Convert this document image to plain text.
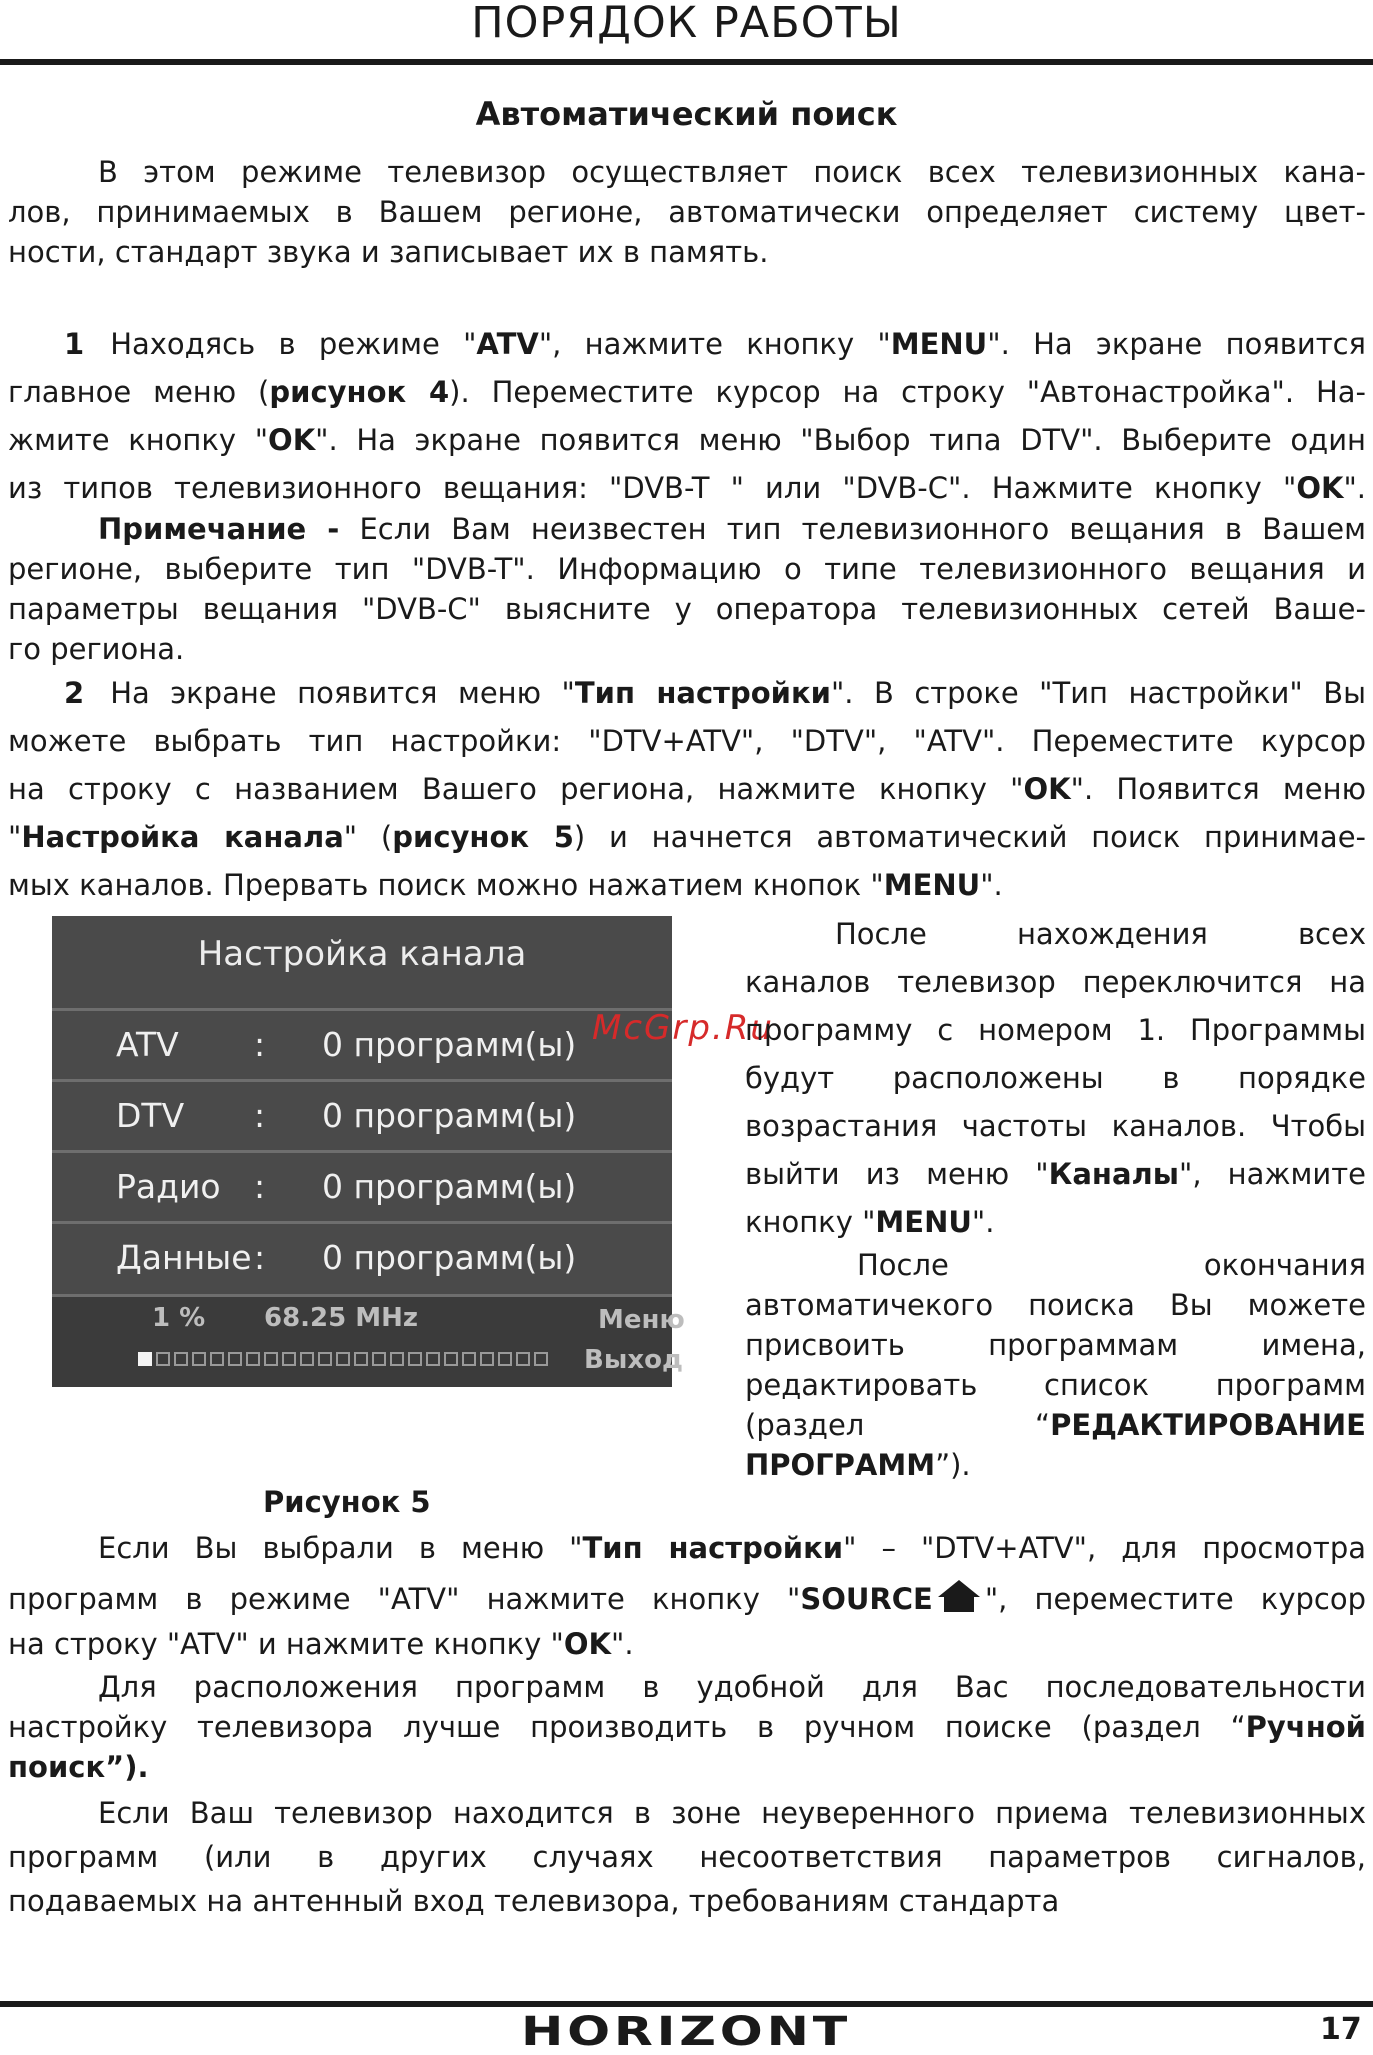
ПОРЯДОК РАБОТЫ
Автоматический поиск
В этом режиме телевизор осуществляет поиск всех телевизионных кана-
лов, принимаемых в Вашем регионе, автоматически определяет систему цвет-
ности, стандарт звука и записывает их в память.
1 Находясь в режиме "ATV", нажмите кнопку "MENU". На экране появится
главное меню (рисунок 4). Переместите курсор на строку "Автонастройка". На-
жмите кнопку "OK". На экране появится меню "Выбор типа DTV". Выберите один
из типов телевизионного вещания: "DVB-T " или "DVB-C". Нажмите кнопку "OK".
Примечание - Если Вам неизвестен тип телевизионного вещания в Вашем
регионе, выберите тип "DVB-T". Информацию о типе телевизионного вещания и
параметры вещания "DVB-C" выясните у оператора телевизионных сетей Ваше-
го региона.
2 На экране появится меню "Тип настройки". В строке "Тип настройки" Вы
можете выбрать тип настройки: "DTV+ATV", "DTV", "ATV". Переместите курсор
на строку с названием Вашего региона, нажмите кнопку "OK". Появится меню
"Настройка канала" (рисунок 5) и начнется автоматический поиск принимае-
мых каналов. Прервать поиск можно нажатием кнопок "MENU".
Настройка канала
ATV : 0 программ(ы)
DTV : 0 программ(ы)
Радио : 0 программ(ы)
Данные : 0 программ(ы)
1 % 68.25 MHz	Меню
Выход
McGrp.Ru
После нахождения всех
каналов телевизор переключится на
программу с номером 1. Программы
будут расположены в порядке
возрастания частоты каналов. Чтобы
выйти из меню "Каналы", нажмите
кнопку "MENU".
После окончания
автоматичекого поиска Вы можете
присвоить программам имена,
редактировать список программ
(раздел “РЕДАКТИРОВАНИЕ
ПРОГРАММ”).
Рисунок 5
Если Вы выбрали в меню "Тип настройки" – "DTV+ATV", для просмотра
программ в режиме "ATV" нажмите кнопку "SOURCE ", переместите курсор
на строку "ATV" и нажмите кнопку "OK".
Для расположения программ в удобной для Вас последовательности
настройку телевизора лучше производить в ручном поиске (раздел “Ручной
поиск”).
Если Ваш телевизор находится в зоне неуверенного приема телевизионных
программ (или в других случаях несоответствия параметров сигналов,
подаваемых на антенный вход телевизора, требованиям стандарта
HORIZONT	17
